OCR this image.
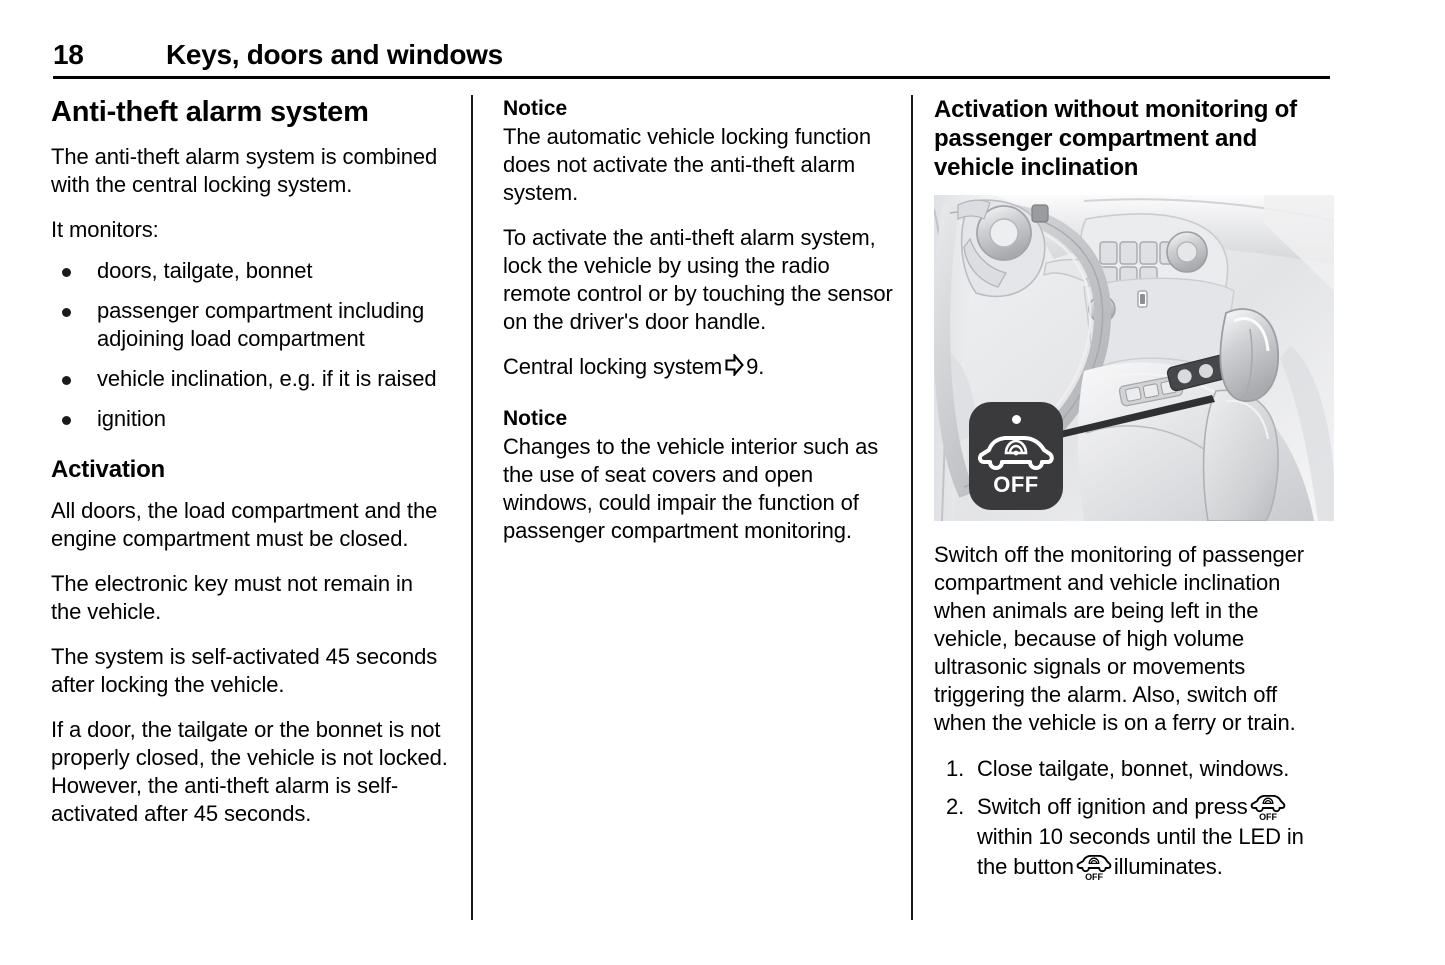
18	Keys, doors and windows
Anti-theft alarm system

The anti-theft alarm system is combined with the central locking system.

It monitors:

doors, tailgate, bonnet
passenger compartment including adjoining load compartment
vehicle inclination, e.g. if it is raised
ignition
Activation

All doors, the load compartment and the engine compartment must be closed.

The electronic key must not remain in the vehicle.

The system is self-activated 45 seconds after locking the vehicle.

If a door, the tailgate or the bonnet is not properly closed, the vehicle is not locked. However, the anti-theft alarm is self-activated after 45 seconds.

Notice

The automatic vehicle locking function does not activate the anti-theft alarm system.

To activate the anti-theft alarm system, lock the vehicle by using the radio remote control or by touching the sensor on the driver's door handle.

Central locking system 9.

Notice

Changes to the vehicle interior such as the use of seat covers and open windows, could impair the function of passenger compartment monitoring.

Activation without monitoring of passenger compartment and vehicle inclination
OFF

Switch off the monitoring of passenger compartment and vehicle inclination when animals are being left in the vehicle, because of high volume ultrasonic signals or movements triggering the alarm. Also, switch off when the vehicle is on a ferry or train.

Close tailgate, bonnet, windows.
Switch off ignition and press OFF
within 10 seconds until the LED in the button OFF illuminates.
